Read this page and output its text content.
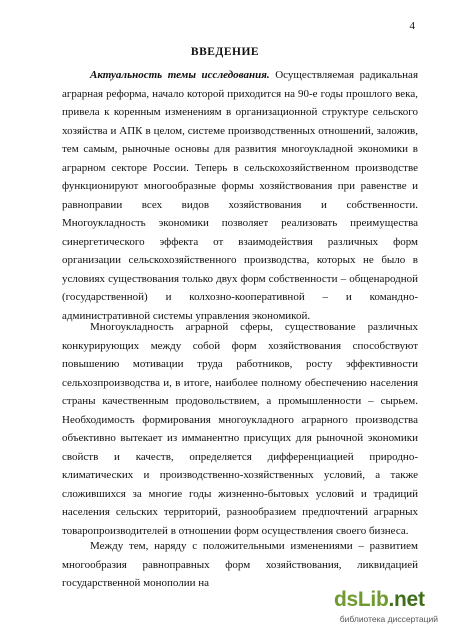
4
ВВЕДЕНИЕ
Актуальность темы исследования. Осуществляемая радикальная аграрная реформа, начало которой приходится на 90-е годы прошлого века, привела к коренным изменениям в организационной структуре сельского хозяйства и АПК в целом, системе производственных отношений, заложив, тем самым, рыночные основы для развития многоукладной экономики в аграрном секторе России. Теперь в сельскохозяйственном производстве функционируют многообразные формы хозяйствования при равенстве и равноправии всех видов хозяйствования и собственности. Многоукладность экономики позволяет реализовать преимущества синергетического эффекта от взаимодействия различных форм организации сельскохозяйственного производства, которых не было в условиях существования только двух форм собственности – общенародной (государственной) и колхозно-кооперативной – и командно-административной системы управления экономикой.
Многоукладность аграрной сферы, существование различных конкурирующих между собой форм хозяйствования способствуют повышению мотивации труда работников, росту эффективности сельхозпроизводства и, в итоге, наиболее полному обеспечению населения страны качественным продовольствием, а промышленности – сырьем. Необходимость формирования многоукладного аграрного производства объективно вытекает из имманентно присущих для рыночной экономики свойств и качеств, определяется дифференциацией природно-климатических и производственно-хозяйственных условий, а также сложившихся за многие годы жизненно-бытовых условий и традиций населения сельских территорий, разнообразием предпочтений аграрных товаропроизводителей в отношении форм осуществления своего бизнеса.
Между тем, наряду с положительными изменениями – развитием многообразия равноправных форм хозяйствования, ликвидацией государственной монополии на
dsLib.net
библиотека диссертаций
